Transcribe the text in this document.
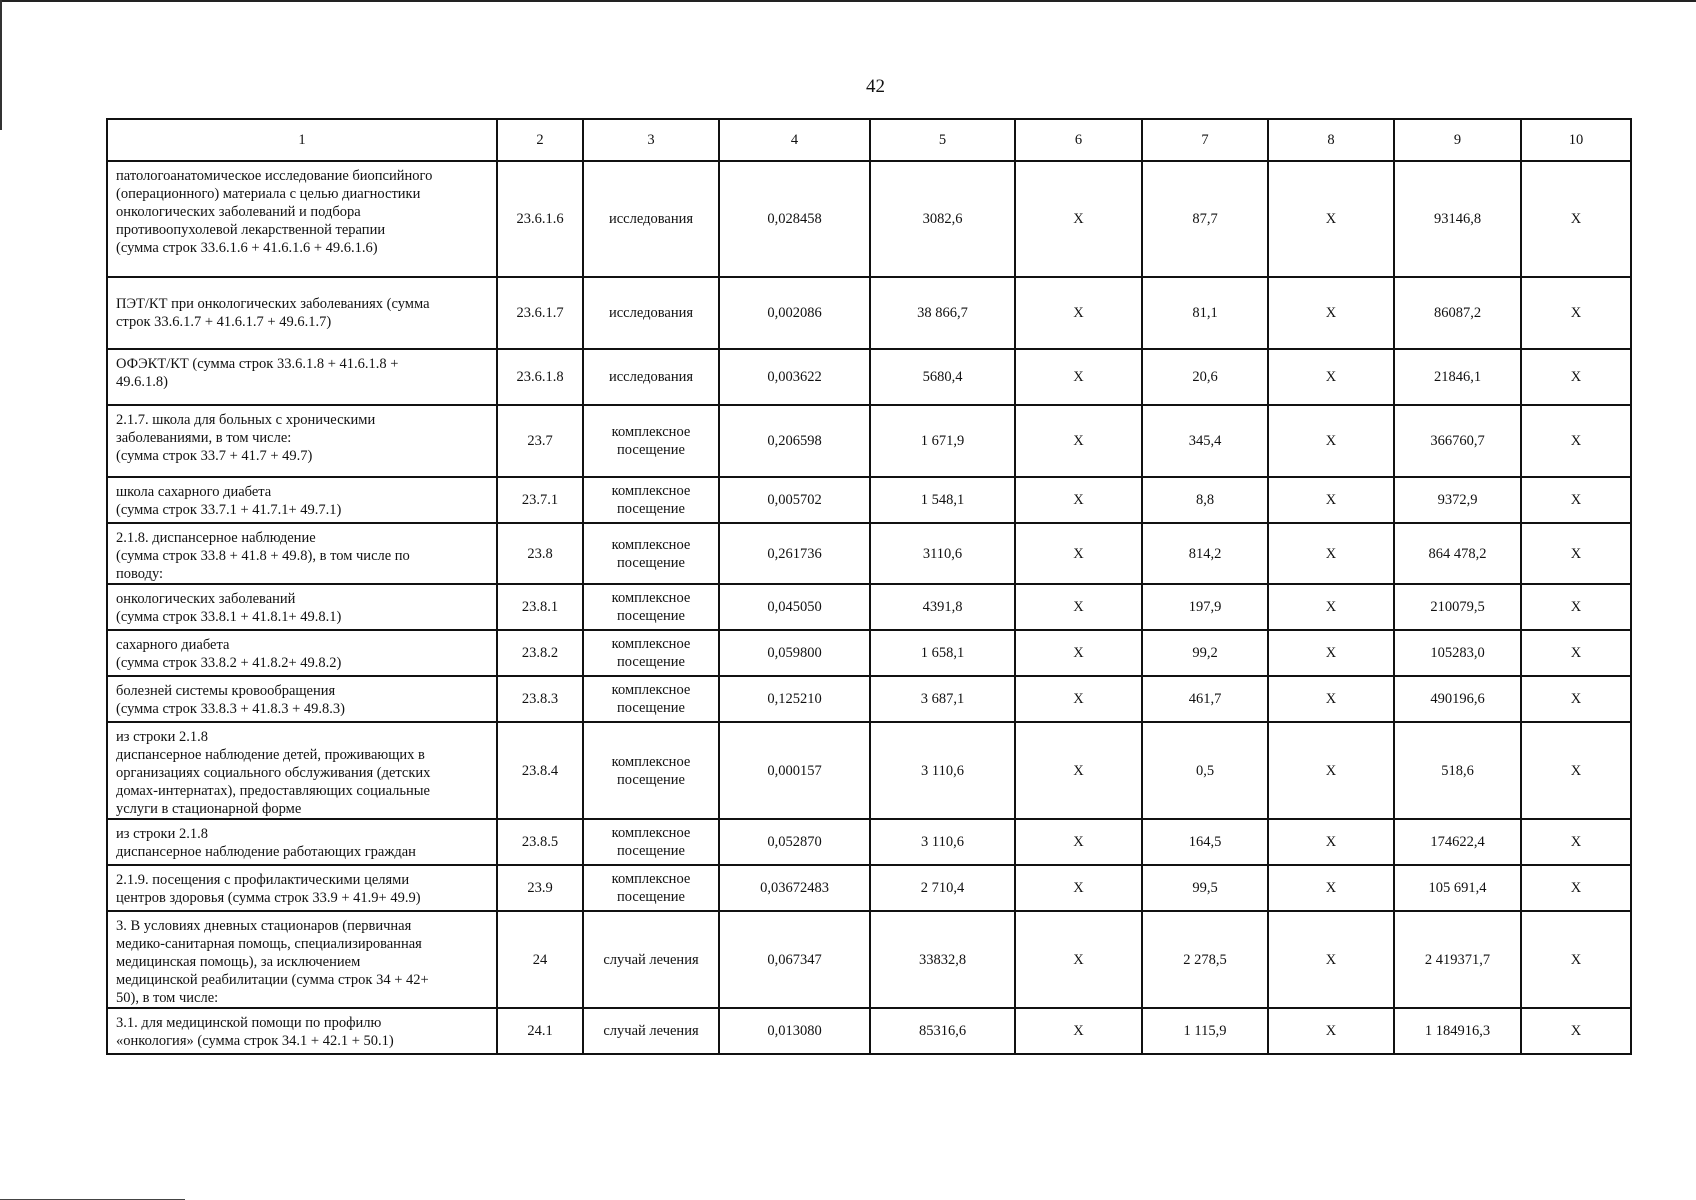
42
1	2	3	4	5	6	7	8	9	10

патологоанатомическое исследование биопсийного
(операционного) материала с целью диагностики
онкологических заболеваний и подбора
противоопухолевой лекарственной терапии
(сумма строк 33.6.1.6 + 41.6.1.6 + 49.6.1.6)	23.6.1.6	исследования	0,028458	3082,6	X	87,7	X	93146,8	X

ПЭТ/КТ при онкологических заболеваниях (сумма
строк 33.6.1.7 + 41.6.1.7 + 49.6.1.7)	23.6.1.7	исследования	0,002086	38 866,7	X	81,1	X	86087,2	X

ОФЭКТ/КТ (сумма строк 33.6.1.8 + 41.6.1.8 +
49.6.1.8)	23.6.1.8	исследования	0,003622	5680,4	X	20,6	X	21846,1	X

2.1.7. школа для больных с хроническими
заболеваниями, в том числе:
(сумма строк 33.7 + 41.7 + 49.7)	23.7	комплексное посещение	0,206598	1 671,9	X	345,4	X	366760,7	X

школа сахарного диабета
(сумма строк 33.7.1 + 41.7.1+ 49.7.1)	23.7.1	комплексное посещение	0,005702	1 548,1	X	8,8	X	9372,9	X

2.1.8. диспансерное наблюдение
(сумма строк 33.8 + 41.8 + 49.8), в том числе по
поводу:	23.8	комплексное посещение	0,261736	3110,6	X	814,2	X	864 478,2	X

онкологических заболеваний
(сумма строк 33.8.1 + 41.8.1+ 49.8.1)	23.8.1	комплексное посещение	0,045050	4391,8	X	197,9	X	210079,5	X

сахарного диабета
(сумма строк 33.8.2 + 41.8.2+ 49.8.2)	23.8.2	комплексное посещение	0,059800	1 658,1	X	99,2	X	105283,0	X

болезней системы кровообращения
(сумма строк 33.8.3 + 41.8.3 + 49.8.3)	23.8.3	комплексное посещение	0,125210	3 687,1	X	461,7	X	490196,6	X

из строки 2.1.8
диспансерное наблюдение детей, проживающих в
организациях социального обслуживания (детских
домах-интернатах), предоставляющих социальные
услуги в стационарной форме	23.8.4	комплексное посещение	0,000157	3 110,6	X	0,5	X	518,6	X

из строки 2.1.8
диспансерное наблюдение работающих граждан	23.8.5	комплексное посещение	0,052870	3 110,6	X	164,5	X	174622,4	X

2.1.9. посещения с профилактическими целями
центров здоровья (сумма строк 33.9 + 41.9+ 49.9)	23.9	комплексное посещение	0,03672483	2 710,4	X	99,5	X	105 691,4	X

3. В условиях дневных стационаров (первичная
медико-санитарная помощь, специализированная
медицинская помощь), за исключением
медицинской реабилитации (сумма строк 34 + 42+
50), в том числе:	24	случай лечения	0,067347	33832,8	X	2 278,5	X	2 419371,7	X

3.1. для медицинской помощи по профилю
«онкология» (сумма строк 34.1 + 42.1 + 50.1)	24.1	случай лечения	0,013080	85316,6	X	1 115,9	X	1 184916,3	X
